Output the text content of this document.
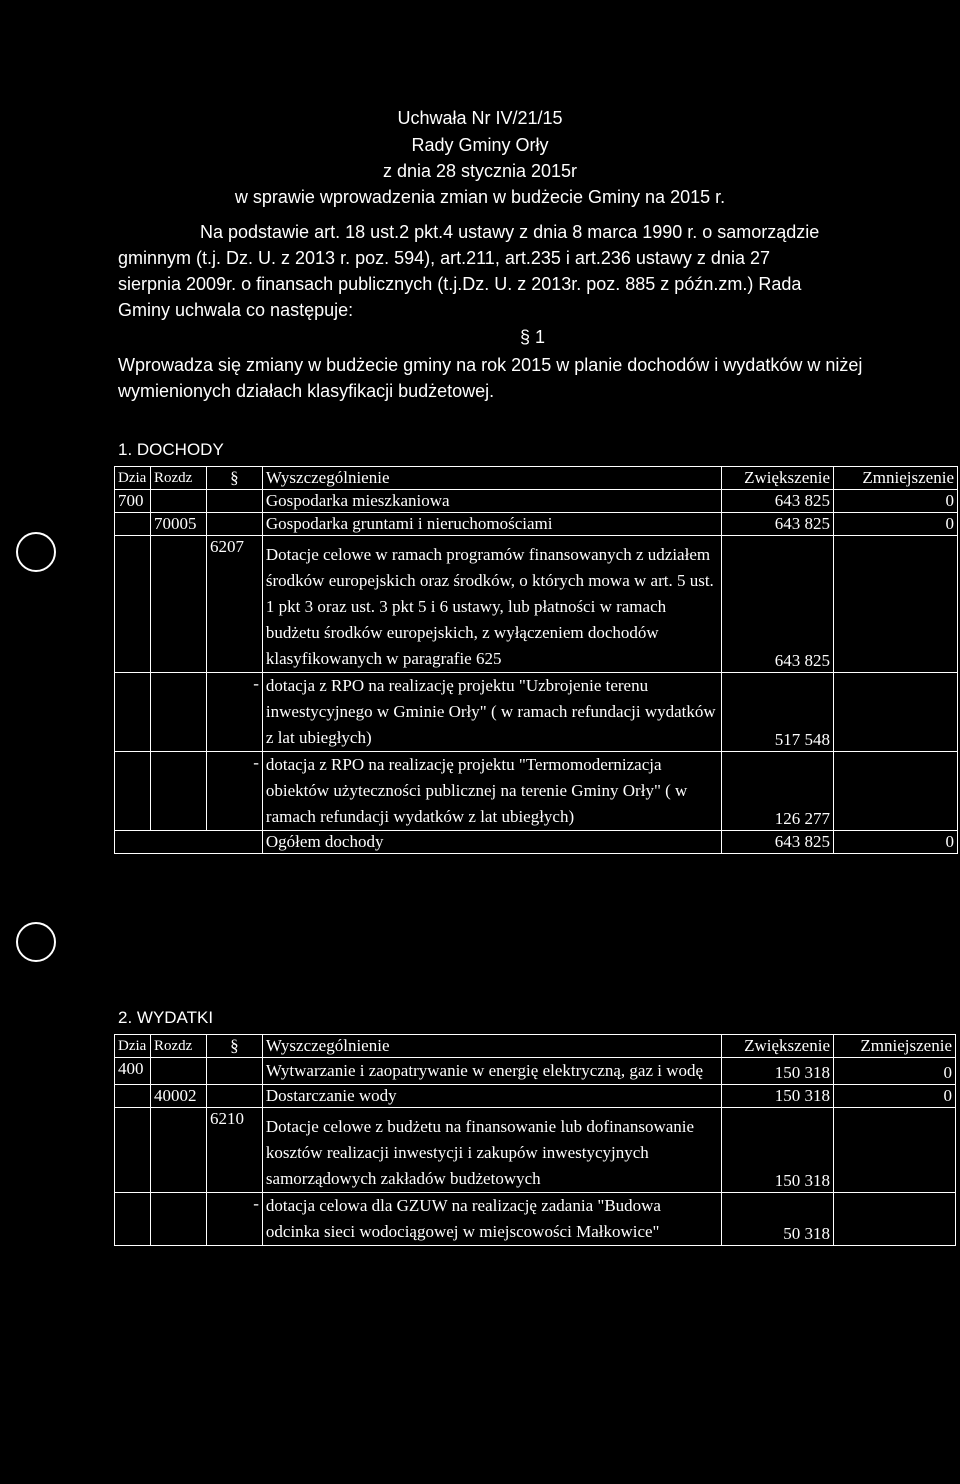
Uchwała Nr IV/21/15
Rady Gminy Orły
z dnia 28 stycznia 2015r
w sprawie wprowadzenia zmian w budżecie Gminy na 2015 r.
Na podstawie art. 18 ust.2 pkt.4 ustawy z dnia 8 marca 1990 r. o samorządzie
gminnym (t.j. Dz. U. z 2013 r. poz. 594), art.211, art.235 i art.236 ustawy z dnia 27
sierpnia 2009r. o finansach publicznych (t.j.Dz. U. z 2013r. poz. 885 z późn.zm.) Rada
Gminy uchwala co następuje:
§ 1
Wprowadza się zmiany w budżecie gminy na rok 2015 w planie dochodów i wydatków w niżej wymienionych działach klasyfikacji budżetowej.
1. DOCHODY
Dzia	Rozdz	§	Wyszczególnienie	Zwiększenie	Zmniejszenie
700			Gospodarka mieszkaniowa	643 825	0
	70005		Gospodarka gruntami i nieruchomościami	643 825	0
		6207	Dotacje celowe w ramach programów finansowanych z udziałem środków europejskich oraz środków, o których mowa w art. 5 ust. 1 pkt 3 oraz ust. 3 pkt 5 i 6 ustawy, lub płatności w ramach budżetu środków europejskich, z wyłączeniem dochodów klasyfikowanych w paragrafie 625	643 825	
		-	dotacja z RPO na realizację projektu "Uzbrojenie terenu inwestycyjnego w Gminie Orły" ( w ramach refundacji wydatków z lat ubiegłych)	517 548	
		-	dotacja z RPO na realizację projektu "Termomodernizacja obiektów użyteczności publicznej na terenie Gminy Orły" ( w ramach refundacji wydatków z lat ubiegłych)	126 277	
			Ogółem dochody	643 825	0
2. WYDATKI
Dzia	Rozdz	§	Wyszczególnienie	Zwiększenie	Zmniejszenie
400			Wytwarzanie i zaopatrywanie w energię elektryczną, gaz i wodę	150 318	0
	40002		Dostarczanie wody	150 318	0
		6210	Dotacje celowe z budżetu na finansowanie lub dofinansowanie kosztów realizacji inwestycji i zakupów inwestycyjnych samorządowych zakładów budżetowych	150 318	
		-	dotacja celowa dla GZUW na realizację zadania "Budowa odcinka sieci wodociągowej w miejscowości Małkowice"	50 318	
